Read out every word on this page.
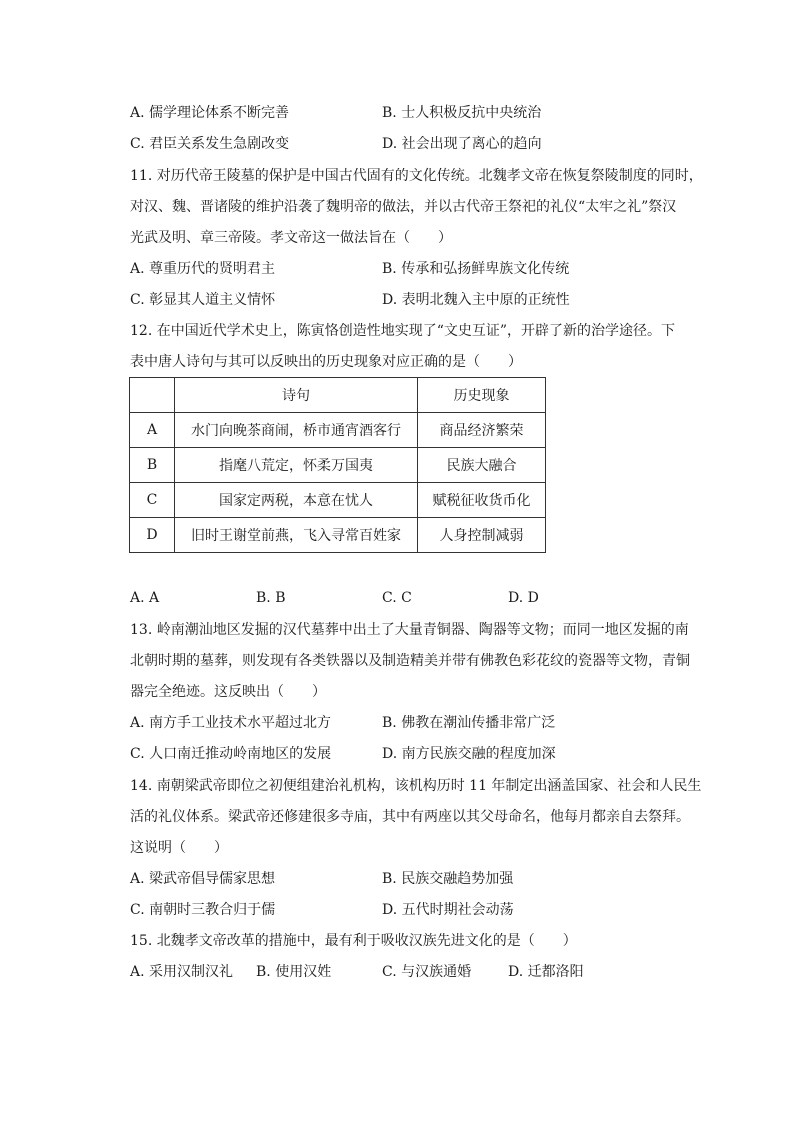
A. 儒学理论体系不断完善	B. 士人积极反抗中央统治
C. 君臣关系发生急剧改变	D. 社会出现了离心的趋向
11. 对历代帝王陵墓的保护是中国古代固有的文化传统。北魏孝文帝在恢复祭陵制度的同时，
对汉、魏、晋诸陵的维护沿袭了魏明帝的做法，并以古代帝王祭祀的礼仪“太牢之礼”祭汉
光武及明、章三帝陵。孝文帝这一做法旨在（　　）
A. 尊重历代的贤明君主	B. 传承和弘扬鲜卑族文化传统
C. 彰显其人道主义情怀	D. 表明北魏入主中原的正统性
12. 在中国近代学术史上，陈寅恪创造性地实现了“文史互证”，开辟了新的治学途径。下
表中唐人诗句与其可以反映出的历史现象对应正确的是（　　）
	诗句	历史现象
A	水门向晚茶商闹，桥市通宵酒客行	商品经济繁荣
B	指麾八荒定，怀柔万国夷	民族大融合
C	国家定两税，本意在忧人	赋税征收货币化
D	旧时王谢堂前燕，飞入寻常百姓家	人身控制减弱
A. A	B. B	C. C	D. D
13. 岭南潮汕地区发掘的汉代墓葬中出土了大量青铜器、陶器等文物；而同一地区发掘的南
北朝时期的墓葬，则发现有各类铁器以及制造精美并带有佛教色彩花纹的瓷器等文物，青铜
器完全绝迹。这反映出（　　）
A. 南方手工业技术水平超过北方	B. 佛教在潮汕传播非常广泛
C. 人口南迁推动岭南地区的发展	D. 南方民族交融的程度加深
14. 南朝梁武帝即位之初便组建治礼机构，该机构历时 11 年制定出涵盖国家、社会和人民生
活的礼仪体系。梁武帝还修建很多寺庙，其中有两座以其父母命名，他每月都亲自去祭拜。
这说明（　　）
A. 梁武帝倡导儒家思想	B. 民族交融趋势加强
C. 南朝时三教合归于儒	D. 五代时期社会动荡
15. 北魏孝文帝改革的措施中，最有利于吸收汉族先进文化的是（　　）
A. 采用汉制汉礼 B. 使用汉姓	C. 与汉族通婚	D. 迁都洛阳
